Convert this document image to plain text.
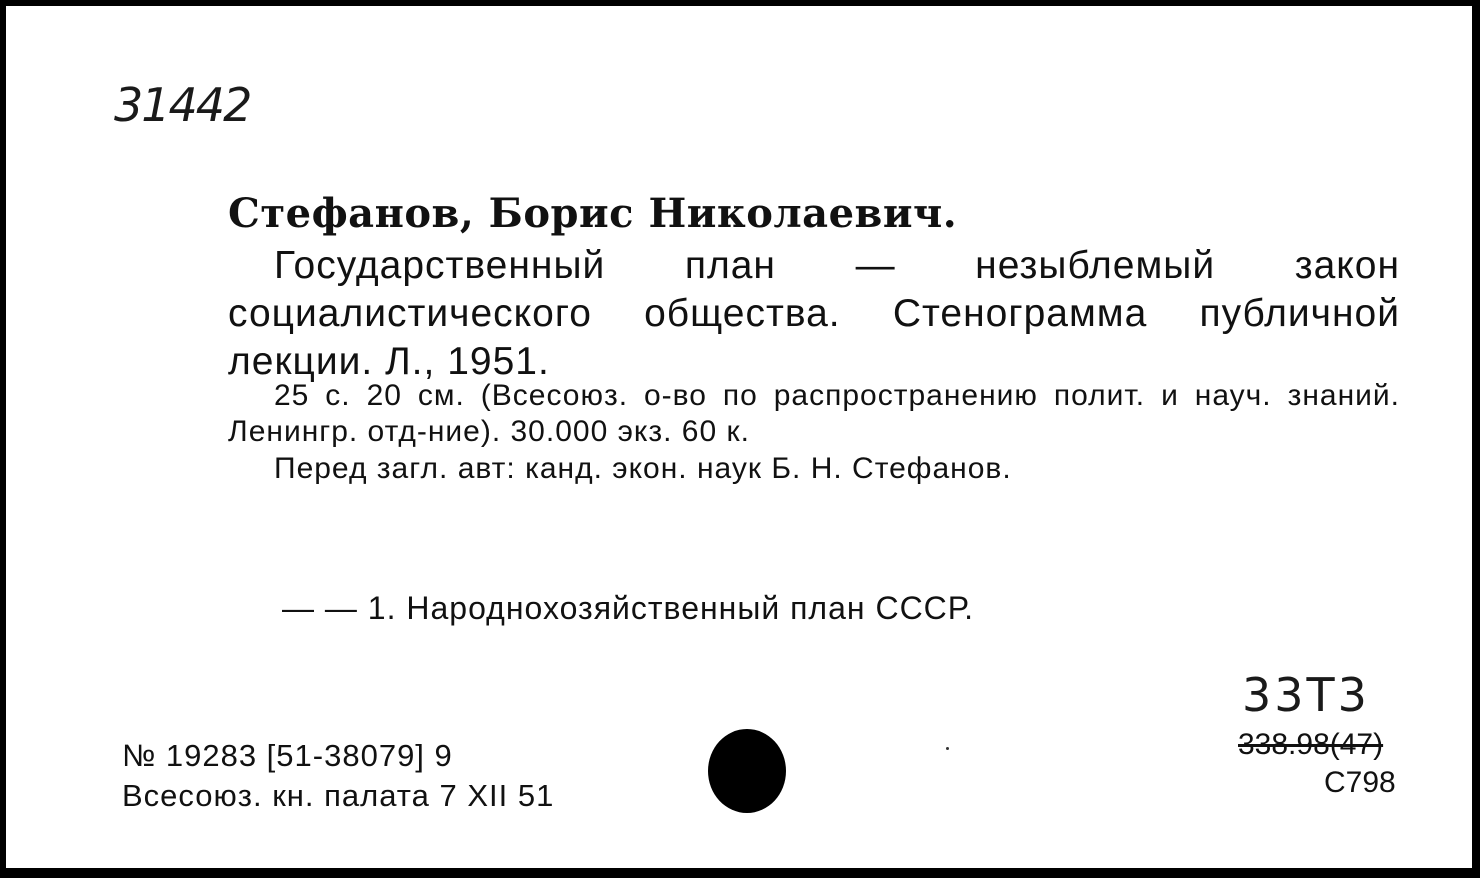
31442
Стефанов, Борис Николаевич.
Государственный план — незыблемый закон социалистического общества. Стенограмма публичной лекции. Л., 1951.
25 с. 20 см. (Всесоюз. о-во по распространению полит. и науч. знаний. Ленингр. отд-ние). 30.000 экз. 60 к.
Перед загл. авт: канд. экон. наук Б. Н. Стефанов.
— — 1. Народнохозяйственный план СССР.
№ 19283 [51-38079] 9
Всесоюз. кн. палата 7 XII 51
33Т3
338.98(47)
С798
